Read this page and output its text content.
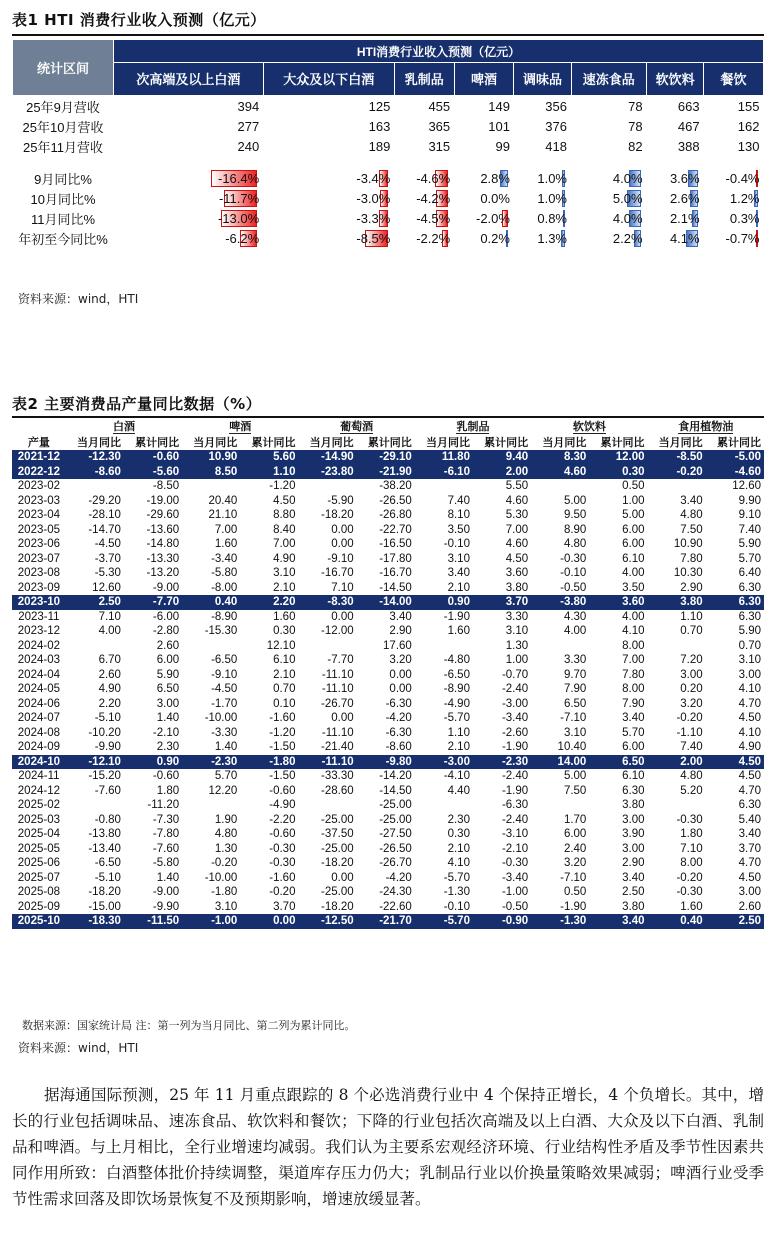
表1 HTI 消费行业收入预测（亿元）
统计区间	HTI消费行业收入预测（亿元）							
	次高端及以上白酒	大众及以下白酒	乳制品	啤酒	调味品	速冻食品	软饮料	餐饮
25年9月营收	394	125	455	149	356	78	663	155
25年10月营收	277	163	365	101	376	78	467	162
25年11月营收	240	189	315	99	418	82	388	130

9月同比%	-16.4%	-3.4%	-4.6%	2.8%	1.0%	4.0%	3.6%	-0.4%
10月同比%	-11.7%	-3.0%	-4.2%	0.0%	1.0%	5.0%	2.6%	1.2%
11月同比%	-13.0%	-3.3%	-4.5%	-2.0%	0.8%	4.0%	2.1%	0.3%
年初至今同比%	-6.2%	-8.5%	-2.2%	0.2%	1.3%	2.2%	4.1%	-0.7%
资料来源：wind，HTI
表2 主要消费品产量同比数据（%）
	白酒		啤酒		葡萄酒		乳制品		软饮料		食用植物油	
产量	当月同比	累计同比	当月同比	累计同比	当月同比	累计同比	当月同比	累计同比	当月同比	累计同比	当月同比	累计同比
2021-12	-12.30	-0.60	10.90	5.60	-14.90	-29.10	11.80	9.40	8.30	12.00	-8.50	-5.00
2022-12	-8.60	-5.60	8.50	1.10	-23.80	-21.90	-6.10	2.00	4.60	0.30	-0.20	-4.60
2023-02		-8.50		-1.20		-38.20		5.50		0.50		12.60
2023-03	-29.20	-19.00	20.40	4.50	-5.90	-26.50	7.40	4.60	5.00	1.00	3.40	9.90
2023-04	-28.10	-29.60	21.10	8.80	-18.20	-26.80	8.10	5.30	9.50	5.00	4.80	9.10
2023-05	-14.70	-13.60	7.00	8.40	0.00	-22.70	3.50	7.00	8.90	6.00	7.50	7.40
2023-06	-4.50	-14.80	1.60	7.00	0.00	-16.50	-0.10	4.60	4.80	6.00	10.90	5.90
2023-07	-3.70	-13.30	-3.40	4.90	-9.10	-17.80	3.10	4.50	-0.30	6.10	7.80	5.70
2023-08	-5.30	-13.20	-5.80	3.10	-16.70	-16.70	3.40	3.60	-0.10	4.00	10.30	6.40
2023-09	12.60	-9.00	-8.00	2.10	7.10	-14.50	2.10	3.80	-0.50	3.50	2.90	6.30
2023-10	2.50	-7.70	0.40	2.20	-8.30	-14.00	0.90	3.70	-3.80	3.60	3.80	6.30
2023-11	7.10	-6.00	-8.90	1.60	0.00	3.40	-1.90	3.30	4.30	4.00	1.10	6.30
2023-12	4.00	-2.80	-15.30	0.30	-12.00	2.90	1.60	3.10	4.00	4.10	0.70	5.90
2024-02		2.60		12.10		17.60		1.30		8.00		0.70
2024-03	6.70	6.00	-6.50	6.10	-7.70	3.20	-4.80	1.00	3.30	7.00	7.20	3.10
2024-04	2.60	5.90	-9.10	2.10	-11.10	0.00	-6.50	-0.70	9.70	7.80	3.00	3.00
2024-05	4.90	6.50	-4.50	0.70	-11.10	0.00	-8.90	-2.40	7.90	8.00	0.20	4.10
2024-06	2.20	3.00	-1.70	0.10	-26.70	-6.30	-4.90	-3.00	6.50	7.90	3.20	4.70
2024-07	-5.10	1.40	-10.00	-1.60	0.00	-4.20	-5.70	-3.40	-7.10	3.40	-0.20	4.50
2024-08	-10.20	-2.10	-3.30	-1.20	-11.10	-6.30	1.10	-2.60	3.10	5.70	-1.10	4.10
2024-09	-9.90	2.30	1.40	-1.50	-21.40	-8.60	2.10	-1.90	10.40	6.00	7.40	4.90
2024-10	-12.10	0.90	-2.30	-1.80	-11.10	-9.80	-3.00	-2.30	14.00	6.50	2.00	4.50
2024-11	-15.20	-0.60	5.70	-1.50	-33.30	-14.20	-4.10	-2.40	5.00	6.10	4.80	4.50
2024-12	-7.60	1.80	12.20	-0.60	-28.60	-14.50	4.40	-1.90	7.50	6.30	5.20	4.70
2025-02		-11.20		-4.90		-25.00		-6.30		3.80		6.30
2025-03	-0.80	-7.30	1.90	-2.20	-25.00	-25.00	2.30	-2.40	1.70	3.00	-0.30	5.40
2025-04	-13.80	-7.80	4.80	-0.60	-37.50	-27.50	0.30	-3.10	6.00	3.90	1.80	3.40
2025-05	-13.40	-7.60	1.30	-0.30	-25.00	-26.50	2.10	-2.10	2.40	3.00	7.10	3.70
2025-06	-6.50	-5.80	-0.20	-0.30	-18.20	-26.70	4.10	-0.30	3.20	2.90	8.00	4.70
2025-07	-5.10	1.40	-10.00	-1.60	0.00	-4.20	-5.70	-3.40	-7.10	3.40	-0.20	4.50
2025-08	-18.20	-9.00	-1.80	-0.20	-25.00	-24.30	-1.30	-1.00	0.50	2.50	-0.30	3.00
2025-09	-15.00	-9.90	3.10	3.70	-18.20	-22.60	-0.10	-0.50	-1.90	3.80	1.60	2.60
2025-10	-18.30	-11.50	-1.00	0.00	-12.50	-21.70	-5.70	-0.90	-1.30	3.40	0.40	2.50
数据来源：国家统计局 注：第一列为当月同比、第二列为累计同比。
资料来源：wind，HTI
据海通国际预测，25 年 11 月重点跟踪的 8 个必选消费行业中 4 个保持正增长，4 个负增长。其中，增长的行业包括调味品、速冻食品、软饮料和餐饮；下降的行业包括次高端及以上白酒、大众及以下白酒、乳制品和啤酒。与上月相比，全行业增速均减弱。我们认为主要系宏观经济环境、行业结构性矛盾及季节性因素共同作用所致：白酒整体批价持续调整，渠道库存压力仍大；乳制品行业以价换量策略效果减弱；啤酒行业受季节性需求回落及即饮场景恢复不及预期影响，增速放缓显著。
